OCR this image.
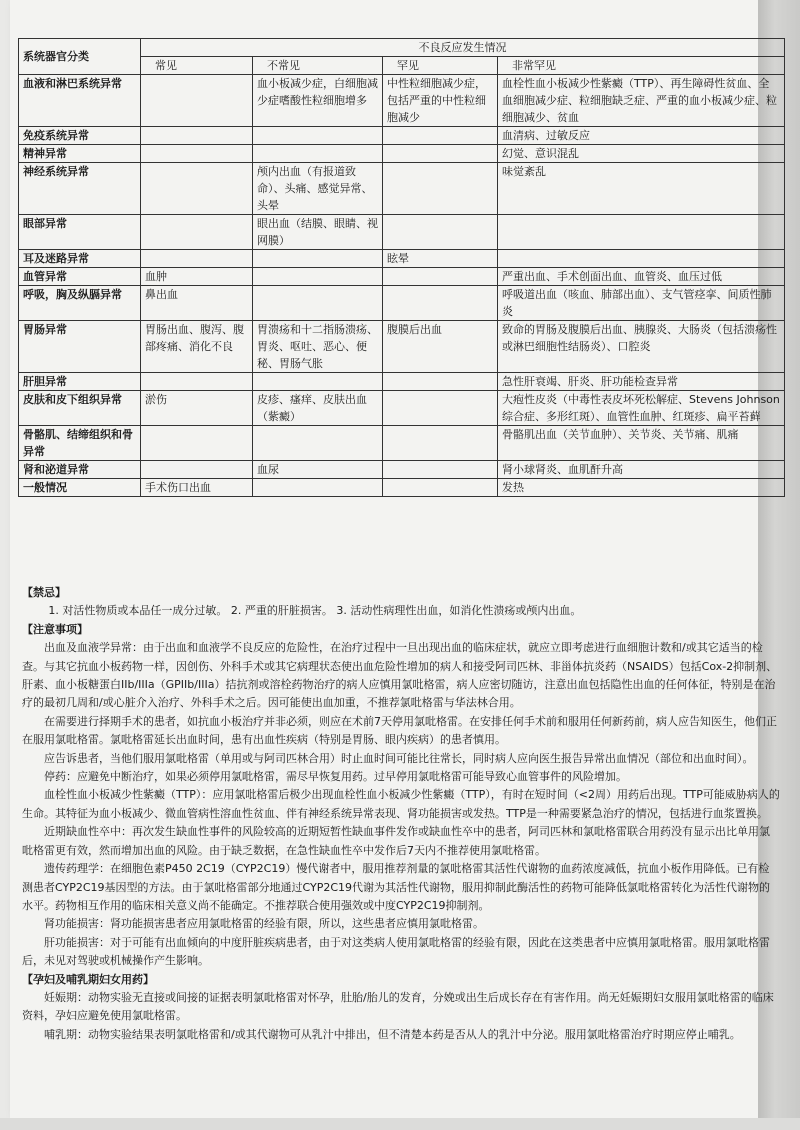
系统器官分类	不良反应发生情况			
	常见	不常见	罕见	非常罕见
血液和淋巴系统异常		血小板减少症，白细胞减少症嗜酸性粒细胞增多	中性粒细胞减少症，包括严重的中性粒细胞减少	血栓性血小板减少性紫癜（TTP）、再生障碍性贫血、全血细胞减少症、粒细胞缺乏症、严重的血小板减少症、粒细胞减少、贫血
免疫系统异常				血清病、过敏反应
精神异常				幻觉、意识混乱
神经系统异常		颅内出血（有报道致命）、头痛、感觉异常、头晕		味觉紊乱
眼部异常		眼出血（结膜、眼睛、视网膜）		
耳及迷路异常			眩晕	
血管异常	血肿			严重出血、手术创面出血、血管炎、血压过低
呼吸，胸及纵膈异常	鼻出血			呼吸道出血（咳血、肺部出血）、支气管痉挛、间质性肺炎
胃肠异常	胃肠出血、腹泻、腹部疼痛、消化不良	胃溃疡和十二指肠溃疡、胃炎、呕吐、恶心、便秘、胃肠气胀	腹膜后出血	致命的胃肠及腹膜后出血、胰腺炎、大肠炎（包括溃疡性或淋巴细胞性结肠炎）、口腔炎
肝胆异常				急性肝衰竭、肝炎、肝功能检查异常
皮肤和皮下组织异常	淤伤	皮疹、瘙痒、皮肤出血（紫癜）		大疱性皮炎（中毒性表皮坏死松解症、Stevens Johnson综合症、多形红斑）、血管性血肿、红斑疹、扁平苔藓
骨骼肌、结缔组织和骨异常				骨骼肌出血（关节血肿）、关节炎、关节痛、肌痛
肾和泌道异常		血尿		肾小球肾炎、血肌酐升高
一般情况	手术伤口出血			发热
【禁忌】
1. 对活性物质或本品任一成分过敏。 2. 严重的肝脏损害。 3. 活动性病理性出血，如消化性溃疡或颅内出血。
【注意事项】

出血及血液学异常：由于出血和血液学不良反应的危险性，在治疗过程中一旦出现出血的临床症状，就应立即考虑进行血细胞计数和/或其它适当的检查。与其它抗血小板药物一样，因创伤、外科手术或其它病理状态使出血危险性增加的病人和接受阿司匹林、非甾体抗炎药（NSAIDS）包括Cox-2抑制剂、肝素、血小板糖蛋白IIb/IIIa（GPIIb/IIIa）拮抗剂或溶栓药物治疗的病人应慎用氯吡格雷，病人应密切随访，注意出血包括隐性出血的任何体征，特别是在治疗的最初几周和/或心脏介入治疗、外科手术之后。因可能使出血加重，不推荐氯吡格雷与华法林合用。

在需要进行择期手术的患者，如抗血小板治疗并非必须，则应在术前7天停用氯吡格雷。在安排任何手术前和服用任何新药前，病人应告知医生，他们正在服用氯吡格雷。氯吡格雷延长出血时间，患有出血性疾病（特别是胃肠、眼内疾病）的患者慎用。

应告诉患者，当他们服用氯吡格雷（单用或与阿司匹林合用）时止血时间可能比往常长，同时病人应向医生报告异常出血情况（部位和出血时间）。

停药：应避免中断治疗，如果必须停用氯吡格雷，需尽早恢复用药。过早停用氯吡格雷可能导致心血管事件的风险增加。

血栓性血小板减少性紫癜（TTP）：应用氯吡格雷后极少出现血栓性血小板减少性紫癜（TTP），有时在短时间（<2周）用药后出现。TTP可能威胁病人的生命。其特征为血小板减少、微血管病性溶血性贫血、伴有神经系统异常表现、肾功能损害或发热。TTP是一种需要紧急治疗的情况，包括进行血浆置换。

近期缺血性卒中：再次发生缺血性事件的风险较高的近期短暂性缺血事件发作或缺血性卒中的患者，阿司匹林和氯吡格雷联合用药没有显示出比单用氯吡格雷更有效，然而增加出血的风险。由于缺乏数据，在急性缺血性卒中发作后7天内不推荐使用氯吡格雷。

遗传药理学：在细胞色素P450 2C19（CYP2C19）慢代谢者中，服用推荐剂量的氯吡格雷其活性代谢物的血药浓度减低，抗血小板作用降低。已有检测患者CYP2C19基因型的方法。由于氯吡格雷部分地通过CYP2C19代谢为其活性代谢物，服用抑制此酶活性的药物可能降低氯吡格雷转化为活性代谢物的水平。药物相互作用的临床相关意义尚不能确定。不推荐联合使用强效或中度CYP2C19抑制剂。

肾功能损害：肾功能损害患者应用氯吡格雷的经验有限，所以，这些患者应慎用氯吡格雷。

肝功能损害：对于可能有出血倾向的中度肝脏疾病患者，由于对这类病人使用氯吡格雷的经验有限，因此在这类患者中应慎用氯吡格雷。服用氯吡格雷后，未见对驾驶或机械操作产生影响。

【孕妇及哺乳期妇女用药】

妊娠期：动物实验无直接或间接的证据表明氯吡格雷对怀孕，肚胎/胎儿的发育，分娩或出生后成长存在有害作用。尚无妊娠期妇女服用氯吡格雷的临床资料，孕妇应避免使用氯吡格雷。

哺乳期：动物实验结果表明氯吡格雷和/或其代谢物可从乳汁中排出，但不清楚本药是否从人的乳汁中分泌。服用氯吡格雷治疗时期应停止哺乳。
